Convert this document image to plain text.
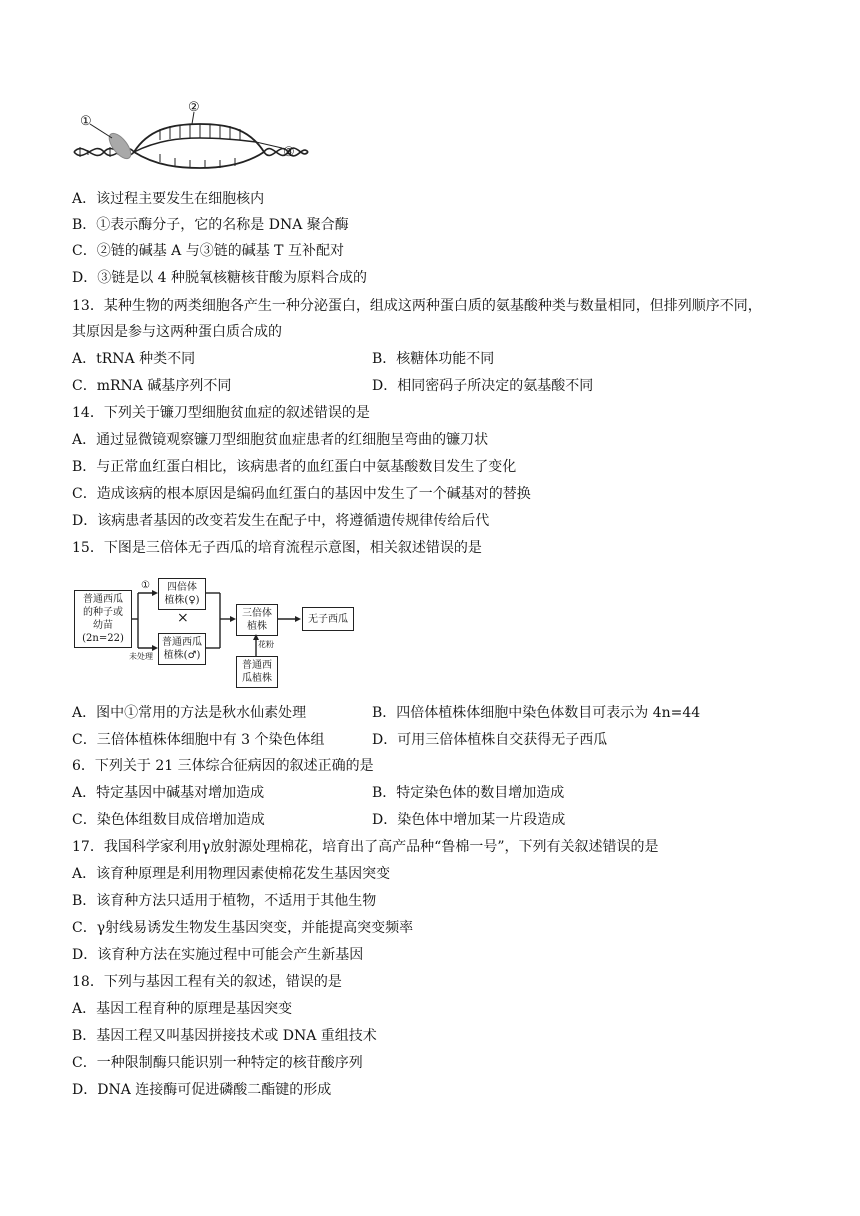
①
②
③
A．该过程主要发生在细胞核内
B．①表示酶分子，它的名称是 DNA 聚合酶
C．②链的碱基 A 与③链的碱基 T 互补配对
D．③链是以 4 种脱氧核糖核苷酸为原料合成的
13．某种生物的两类细胞各产生一种分泌蛋白，组成这两种蛋白质的氨基酸种类与数量相同，但排列顺序不同，
其原因是参与这两种蛋白质合成的
A．tRNA 种类不同	B．核糖体功能不同
C．mRNA 碱基序列不同	D．相同密码子所决定的氨基酸不同
14．下列关于镰刀型细胞贫血症的叙述错误的是
A．通过显微镜观察镰刀型细胞贫血症患者的红细胞呈弯曲的镰刀状
B．与正常血红蛋白相比，该病患者的血红蛋白中氨基酸数目发生了变化
C．造成该病的根本原因是编码血红蛋白的基因中发生了一个碱基对的替换
D．该病患者基因的改变若发生在配子中，将遵循遗传规律传给后代
15．下图是三倍体无子西瓜的培育流程示意图，相关叙述错误的是
普通西瓜
的种子或
幼苗
(2n=22)
四倍体
植株(♀)
普通西瓜
植株(♂)
三倍体
植株
无子西瓜
普通西
瓜植株
①
×
未处理
花粉
A．图中①常用的方法是秋水仙素处理	B．四倍体植株体细胞中染色体数目可表示为 4n=44
C．三倍体植株体细胞中有 3 个染色体组	D．可用三倍体植株自交获得无子西瓜
6．下列关于 21 三体综合征病因的叙述正确的是
A．特定基因中碱基对增加造成	B．特定染色体的数目增加造成
C．染色体组数目成倍增加造成	D．染色体中增加某一片段造成
17．我国科学家利用γ放射源处理棉花，培育出了高产品种“鲁棉一号”，下列有关叙述错误的是
A．该育种原理是利用物理因素使棉花发生基因突变
B．该育种方法只适用于植物，不适用于其他生物
C．γ射线易诱发生物发生基因突变，并能提高突变频率
D．该育种方法在实施过程中可能会产生新基因
18．下列与基因工程有关的叙述，错误的是
A．基因工程育种的原理是基因突变
B．基因工程又叫基因拼接技术或 DNA 重组技术
C．一种限制酶只能识别一种特定的核苷酸序列
D．DNA 连接酶可促进磷酸二酯键的形成
